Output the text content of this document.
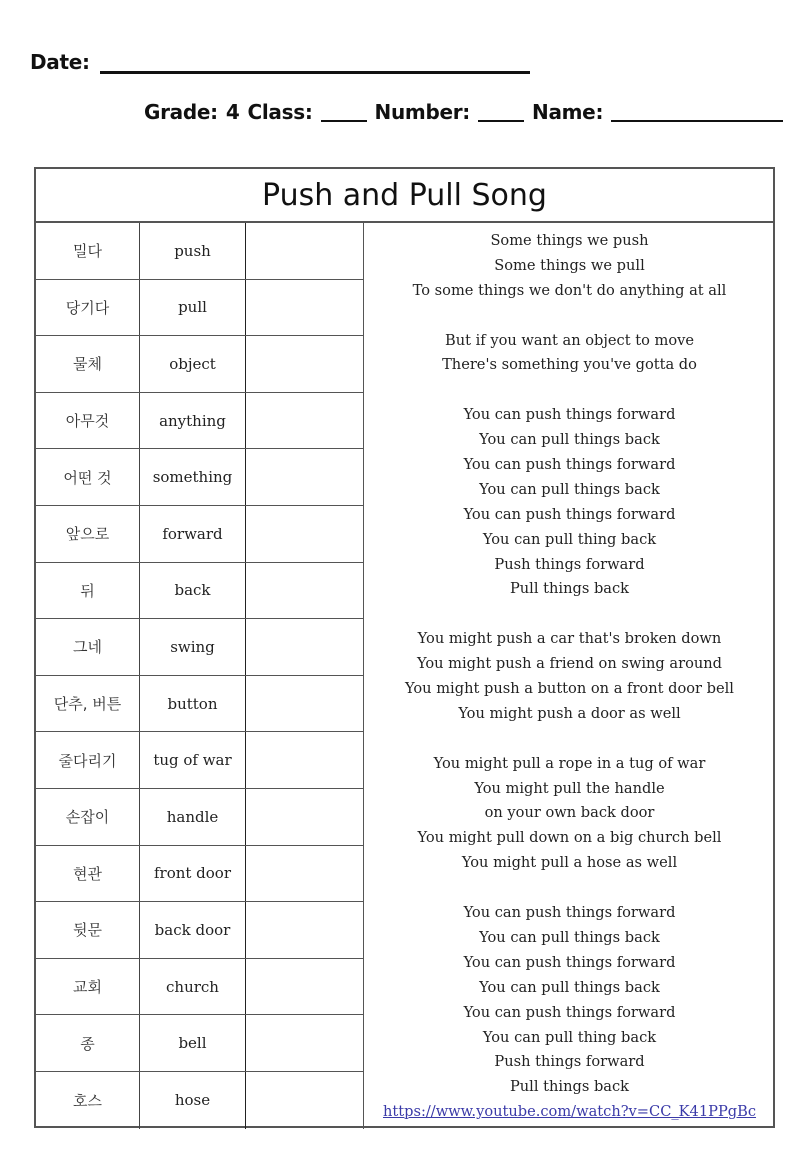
Date:
Grade: 4 Class:	Number:	Name:
Push and Pull Song
밀다	push
당기다	pull
물체	object
아무것	anything
어떤 것	something
앞으로	forward
뒤	back
그네	swing
단추, 버튼	button
줄다리기	tug of war
손잡이	handle
현관	front door
뒷문	back door
교회	church
종	bell
호스	hose
Some things we push
Some things we pull
To some things we don't do anything at all
But if you want an object to move
There's something you've gotta do
You can push things forward
You can pull things back
You can push things forward
You can pull things back
You can push things forward
You can pull thing back
Push things forward
Pull things back
You might push a car that's broken down
You might push a friend on swing around
You might push a button on a front door bell
You might push a door as well
You might pull a rope in a tug of war
You might pull the handle
on your own back door
You might pull down on a big church bell
You might pull a hose as well
You can push things forward
You can pull things back
You can push things forward
You can pull things back
You can push things forward
You can pull thing back
Push things forward
Pull things back
https://www.youtube.com/watch?v=CC_K41PPgBc
